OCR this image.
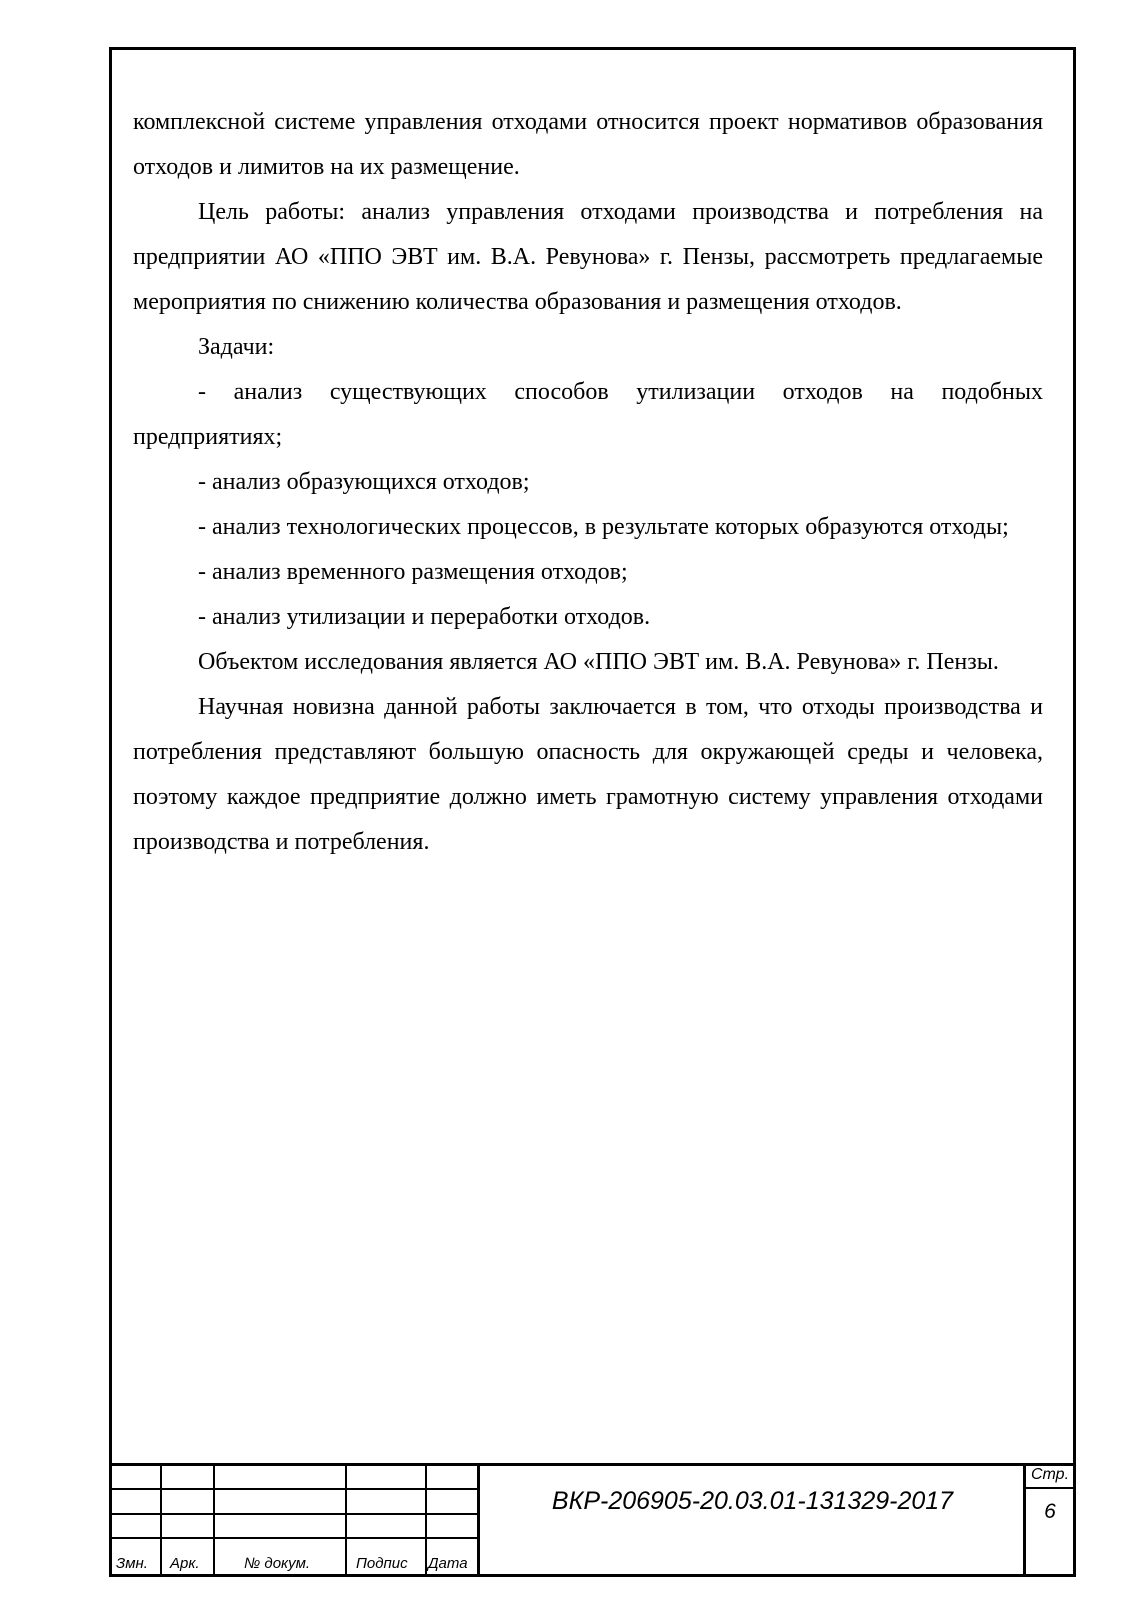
комплексной системе управления отходами относится проект нормативов образования отходов и лимитов на их размещение.

Цель работы: анализ управления отходами производства и потребления на предприятии АО «ППО ЭВТ им. В.А. Ревунова» г. Пензы, рассмотреть предлагаемые мероприятия по снижению количества образования и размещения отходов.

Задачи:

- анализ существующих способов утилизации отходов на подобных предприятиях;

- анализ образующихся отходов;

- анализ технологических процессов, в результате которых образуются отходы;

- анализ временного размещения отходов;

- анализ утилизации и переработки отходов.

Объектом исследования является АО «ППО ЭВТ им. В.А. Ревунова» г. Пензы.

Научная новизна данной работы заключается в том, что отходы производства и потребления представляют большую опасность для окружающей среды и человека, поэтому каждое предприятие должно иметь грамотную систему управления отходами производства и потребления.

Змн. Арк.	№ докум.	Подпис Дата
ВКР-206905-20.03.01-131329-2017
Стр.
6
